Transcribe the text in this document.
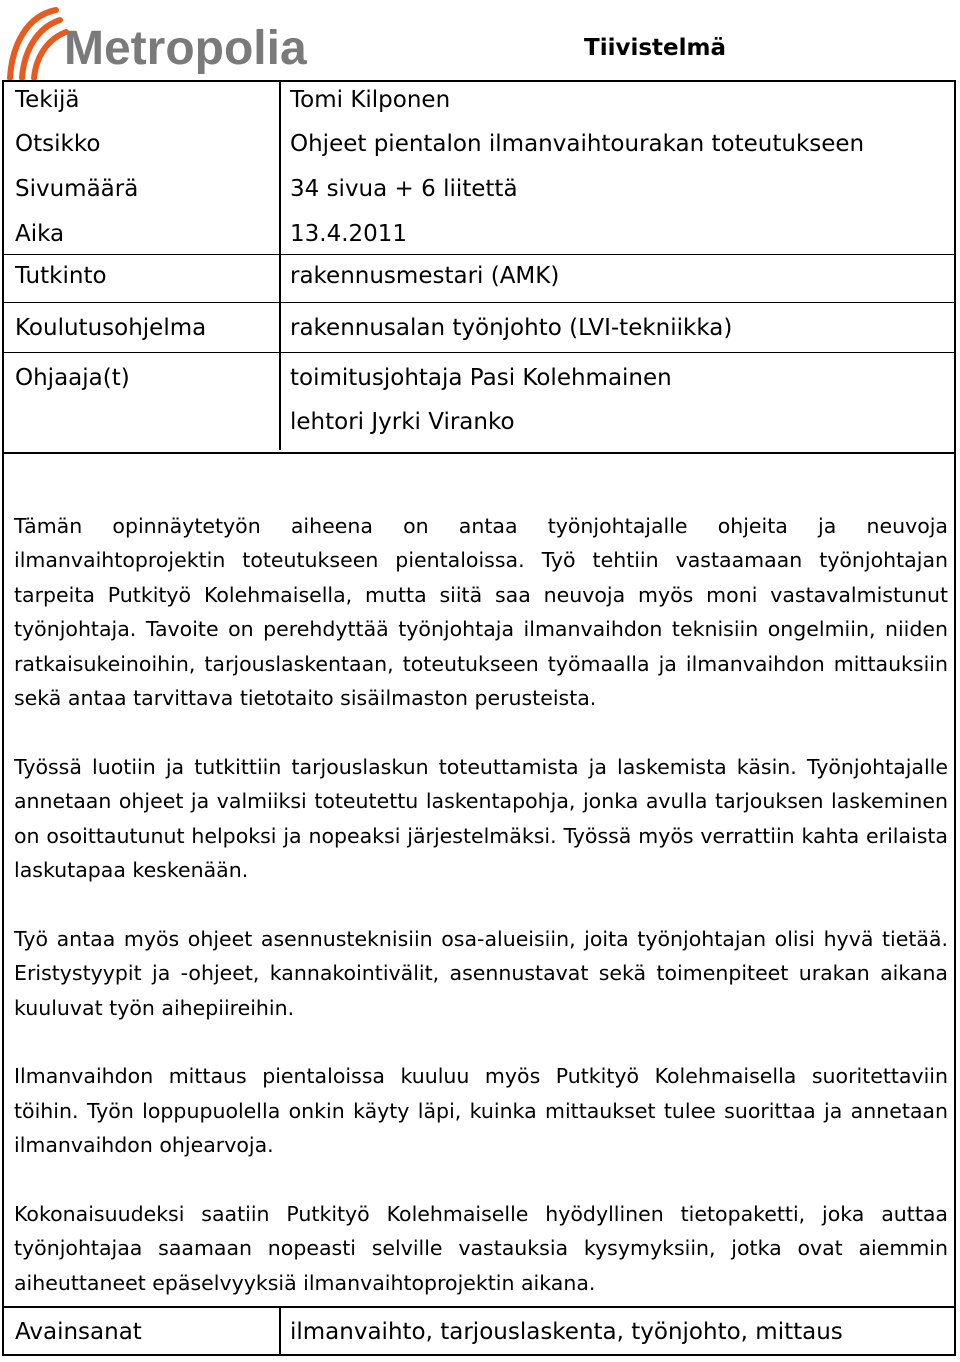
Metropolia	Tiivistelmä
Tekijä	Tomi Kilponen
Otsikko	Ohjeet pientalon ilmanvaihtourakan toteutukseen
Sivumäärä	34 sivua + 6 liitettä
Aika	13.4.2011
Tutkinto	rakennusmestari (AMK)
Koulutusohjelma	rakennusalan työnjohto (LVI-tekniikka)
Ohjaaja(t)	toimitusjohtaja Pasi Kolehmainen
lehtori Jyrki Viranko

Tämän opinnäytetyön aiheena on antaa työnjohtajalle ohjeita ja neuvoja ilmanvaihtoprojektin toteutukseen pientaloissa. Työ tehtiin vastaamaan työnjohtajan tarpeita Putkityö Kolehmaisella, mutta siitä saa neuvoja myös moni vastavalmistunut työnjohtaja. Tavoite on perehdyttää työnjohtaja ilmanvaihdon teknisiin ongelmiin, niiden ratkaisukeinoihin, tarjouslaskentaan, toteutukseen työmaalla ja ilmanvaihdon mittauksiin sekä antaa tarvittava tietotaito sisäilmaston perusteista.

Työssä luotiin ja tutkittiin tarjouslaskun toteuttamista ja laskemista käsin. Työnjohtajalle annetaan ohjeet ja valmiiksi toteutettu laskentapohja, jonka avulla tarjouksen laskeminen on osoittautunut helpoksi ja nopeaksi järjestelmäksi. Työssä myös verrattiin kahta erilaista laskutapaa keskenään.

Työ antaa myös ohjeet asennusteknisiin osa-alueisiin, joita työnjohtajan olisi hyvä tietää. Eristystyypit ja -ohjeet, kannakointivälit, asennustavat sekä toimenpiteet urakan aikana kuuluvat työn aihepiireihin.

Ilmanvaihdon mittaus pientaloissa kuuluu myös Putkityö Kolehmaisella suoritettaviin töihin. Työn loppupuolella onkin käyty läpi, kuinka mittaukset tulee suorittaa ja annetaan ilmanvaihdon ohjearvoja.

Kokonaisuudeksi saatiin Putkityö Kolehmaiselle hyödyllinen tietopaketti, joka auttaa työnjohtajaa saamaan nopeasti selville vastauksia kysymyksiin, jotka ovat aiemmin aiheuttaneet epäselvyyksiä ilmanvaihtoprojektin aikana.

Avainsanat	ilmanvaihto, tarjouslaskenta, työnjohto, mittaus
